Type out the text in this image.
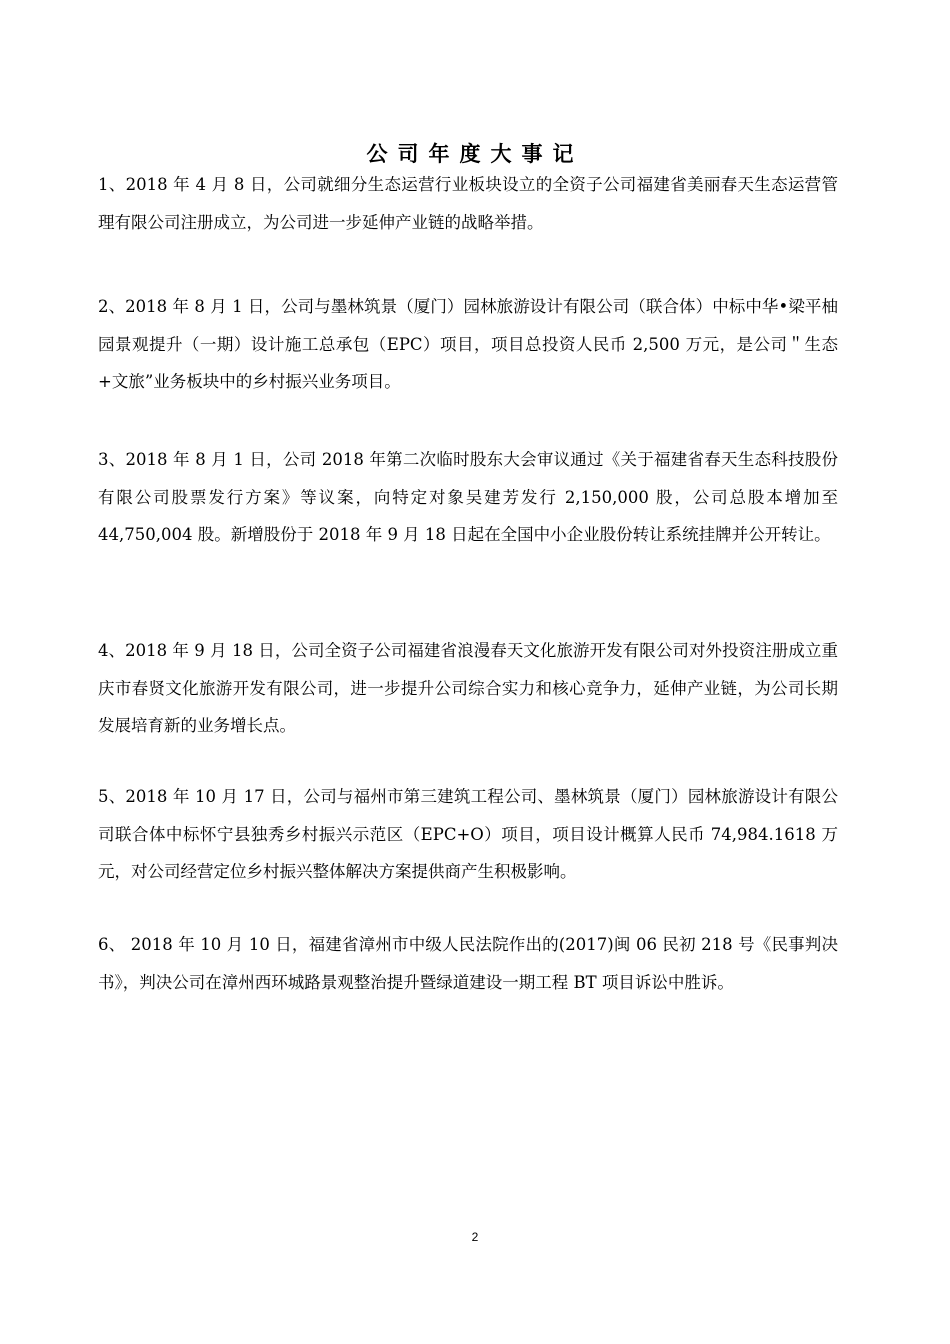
公司年度大事记

1、2018 年 4 月 8 日，公司就细分生态运营行业板块设立的全资子公司福建省美丽春天生态运营管理有限公司注册成立，为公司进一步延伸产业链的战略举措。

2、2018 年 8 月 1 日，公司与墨林筑景（厦门）园林旅游设计有限公司（联合体）中标中华•梁平柚园景观提升（一期）设计施工总承包（EPC）项目，项目总投资人民币 2,500 万元，是公司＂生态+文旅”业务板块中的乡村振兴业务项目。

3、2018 年 8 月 1 日，公司 2018 年第二次临时股东大会审议通过《关于福建省春天生态科技股份有限公司股票发行方案》等议案，向特定对象吴建芳发行 2,150,000 股，公司总股本增加至 44,750,004 股。新增股份于 2018 年 9 月 18 日起在全国中小企业股份转让系统挂牌并公开转让。

4、2018 年 9 月 18 日，公司全资子公司福建省浪漫春天文化旅游开发有限公司对外投资注册成立重庆市春贤文化旅游开发有限公司，进一步提升公司综合实力和核心竞争力，延伸产业链，为公司长期发展培育新的业务增长点。

5、2018 年 10 月 17 日，公司与福州市第三建筑工程公司、墨林筑景（厦门）园林旅游设计有限公司联合体中标怀宁县独秀乡村振兴示范区（EPC+O）项目，项目设计概算人民币 74,984.1618 万元，对公司经营定位乡村振兴整体解决方案提供商产生积极影响。

6、 2018 年 10 月 10 日，福建省漳州市中级人民法院作出的(2017)闽 06 民初 218 号《民事判决书》，判决公司在漳州西环城路景观整治提升暨绿道建设一期工程 BT 项目诉讼中胜诉。

2
